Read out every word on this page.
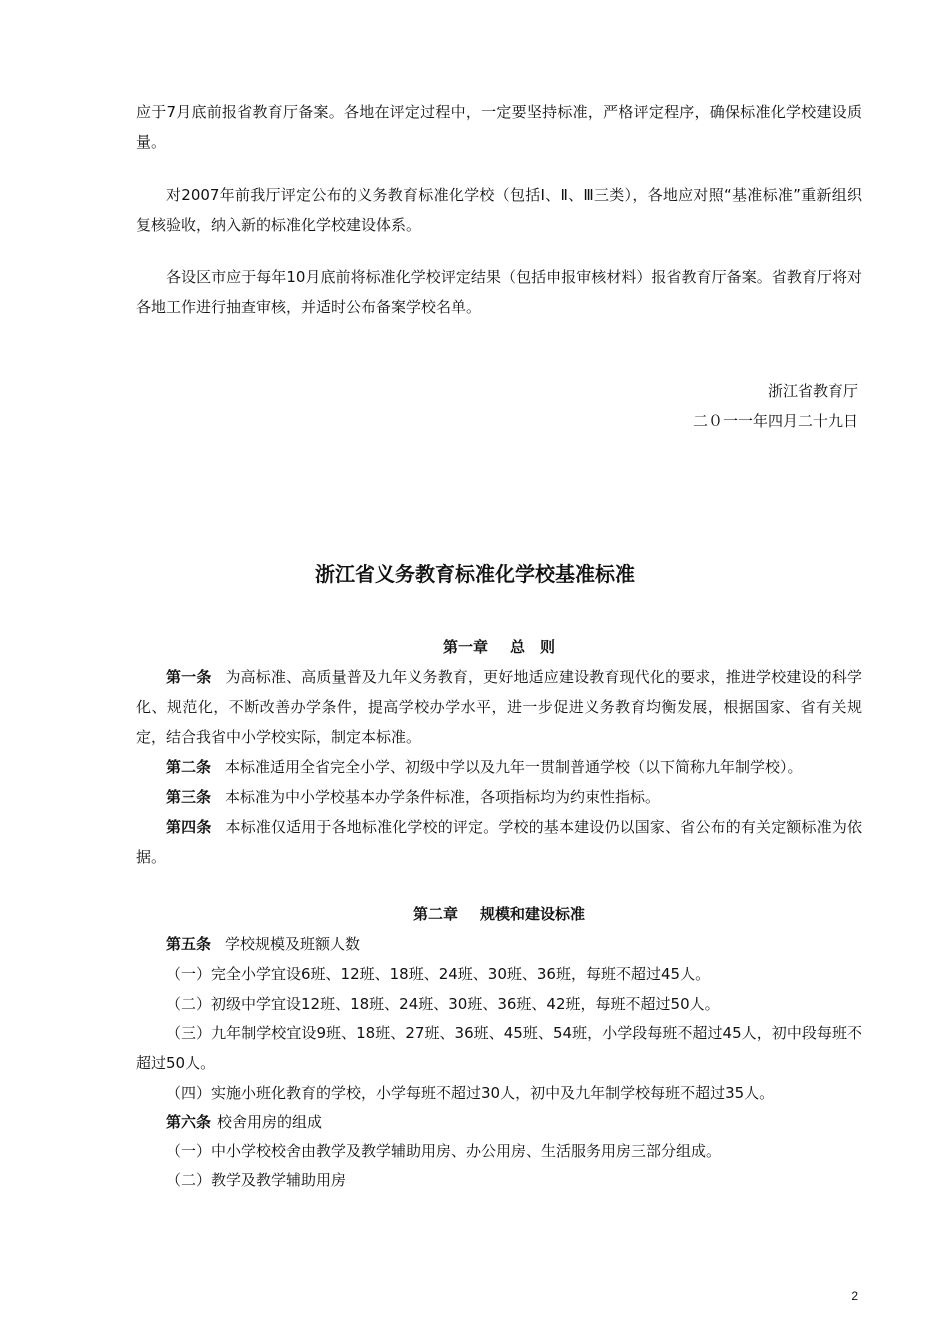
应于7月底前报省教育厅备案。各地在评定过程中，一定要坚持标准，严格评定程序，确保标准化学校建设质量。

对2007年前我厅评定公布的义务教育标准化学校（包括Ⅰ、Ⅱ、Ⅲ三类），各地应对照“基准标准”重新组织复核验收，纳入新的标准化学校建设体系。

各设区市应于每年10月底前将标准化学校评定结果（包括申报审核材料）报省教育厅备案。省教育厅将对各地工作进行抽查审核，并适时公布备案学校名单。

浙江省教育厅

二０一一年四月二十九日

浙江省义务教育标准化学校基准标准

第一章 总　则

第一条 为高标准、高质量普及九年义务教育，更好地适应建设教育现代化的要求，推进学校建设的科学化、规范化，不断改善办学条件，提高学校办学水平，进一步促进义务教育均衡发展，根据国家、省有关规定，结合我省中小学校实际，制定本标准。

第二条 本标准适用全省完全小学、初级中学以及九年一贯制普通学校（以下简称九年制学校）。

第三条 本标准为中小学校基本办学条件标准，各项指标均为约束性指标。

第四条 本标准仅适用于各地标准化学校的评定。学校的基本建设仍以国家、省公布的有关定额标准为依据。

第二章 规模和建设标准

第五条 学校规模及班额人数

（一）完全小学宜设6班、12班、18班、24班、30班、36班，每班不超过45人。

（二）初级中学宜设12班、18班、24班、30班、36班、42班，每班不超过50人。

（三）九年制学校宜设9班、18班、27班、36班、45班、54班，小学段每班不超过45人，初中段每班不超过50人。

（四）实施小班化教育的学校，小学每班不超过30人，初中及九年制学校每班不超过35人。

第六条 校舍用房的组成

（一）中小学校校舍由教学及教学辅助用房、办公用房、生活服务用房三部分组成。

（二）教学及教学辅助用房

2
